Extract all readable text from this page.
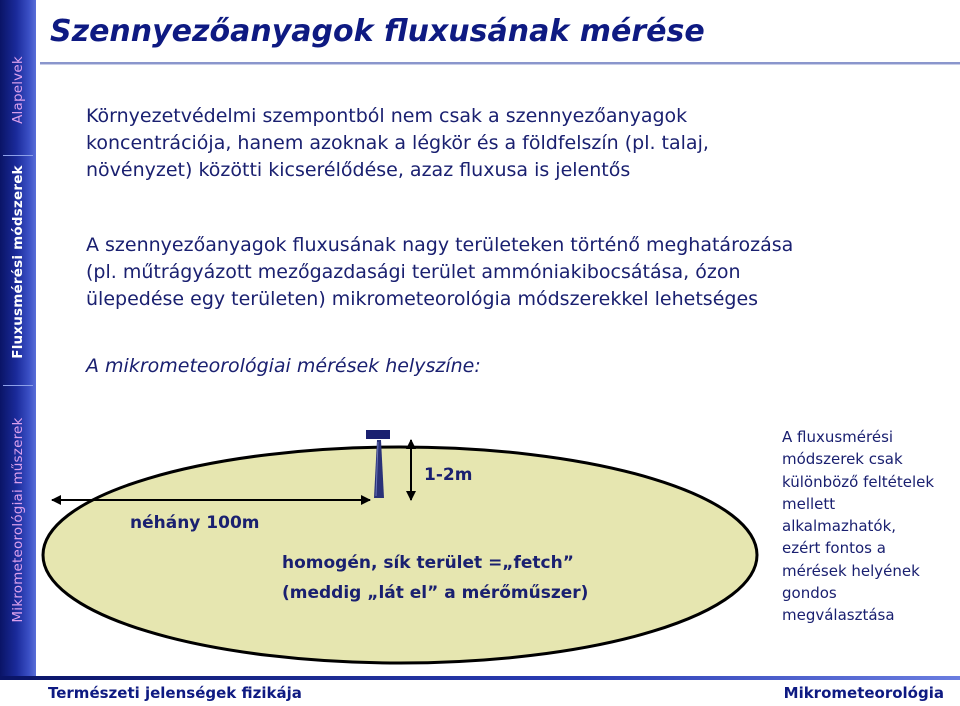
Alapelvek
Fluxusmérési módszerek
Mikrometeorológiai műszerek
Szennyezőanyagok fluxusának mérése
Környezetvédelmi szempontból nem csak a szennyezőanyagok
koncentrációja, hanem azoknak a légkör és a földfelszín (pl. talaj,
növényzet) közötti kicserélődése, azaz fluxusa is jelentős
A szennyezőanyagok fluxusának nagy területeken történő meghatározása
(pl. műtrágyázott mezőgazdasági terület ammóniakibocsátása, ózon
ülepedése egy területen) mikrometeorológia módszerekkel lehetséges
A mikrometeorológiai mérések helyszíne:
néhány 100m
1-2m
homogén, sík terület =„fetch”
(meddig „lát el” a mérőműszer)
A fluxusmérési
módszerek csak
különböző feltételek
mellett
alkalmazhatók,
ezért fontos a
mérések helyének
gondos
megválasztása
Természeti jelenségek fizikája	Mikrometeorológia
